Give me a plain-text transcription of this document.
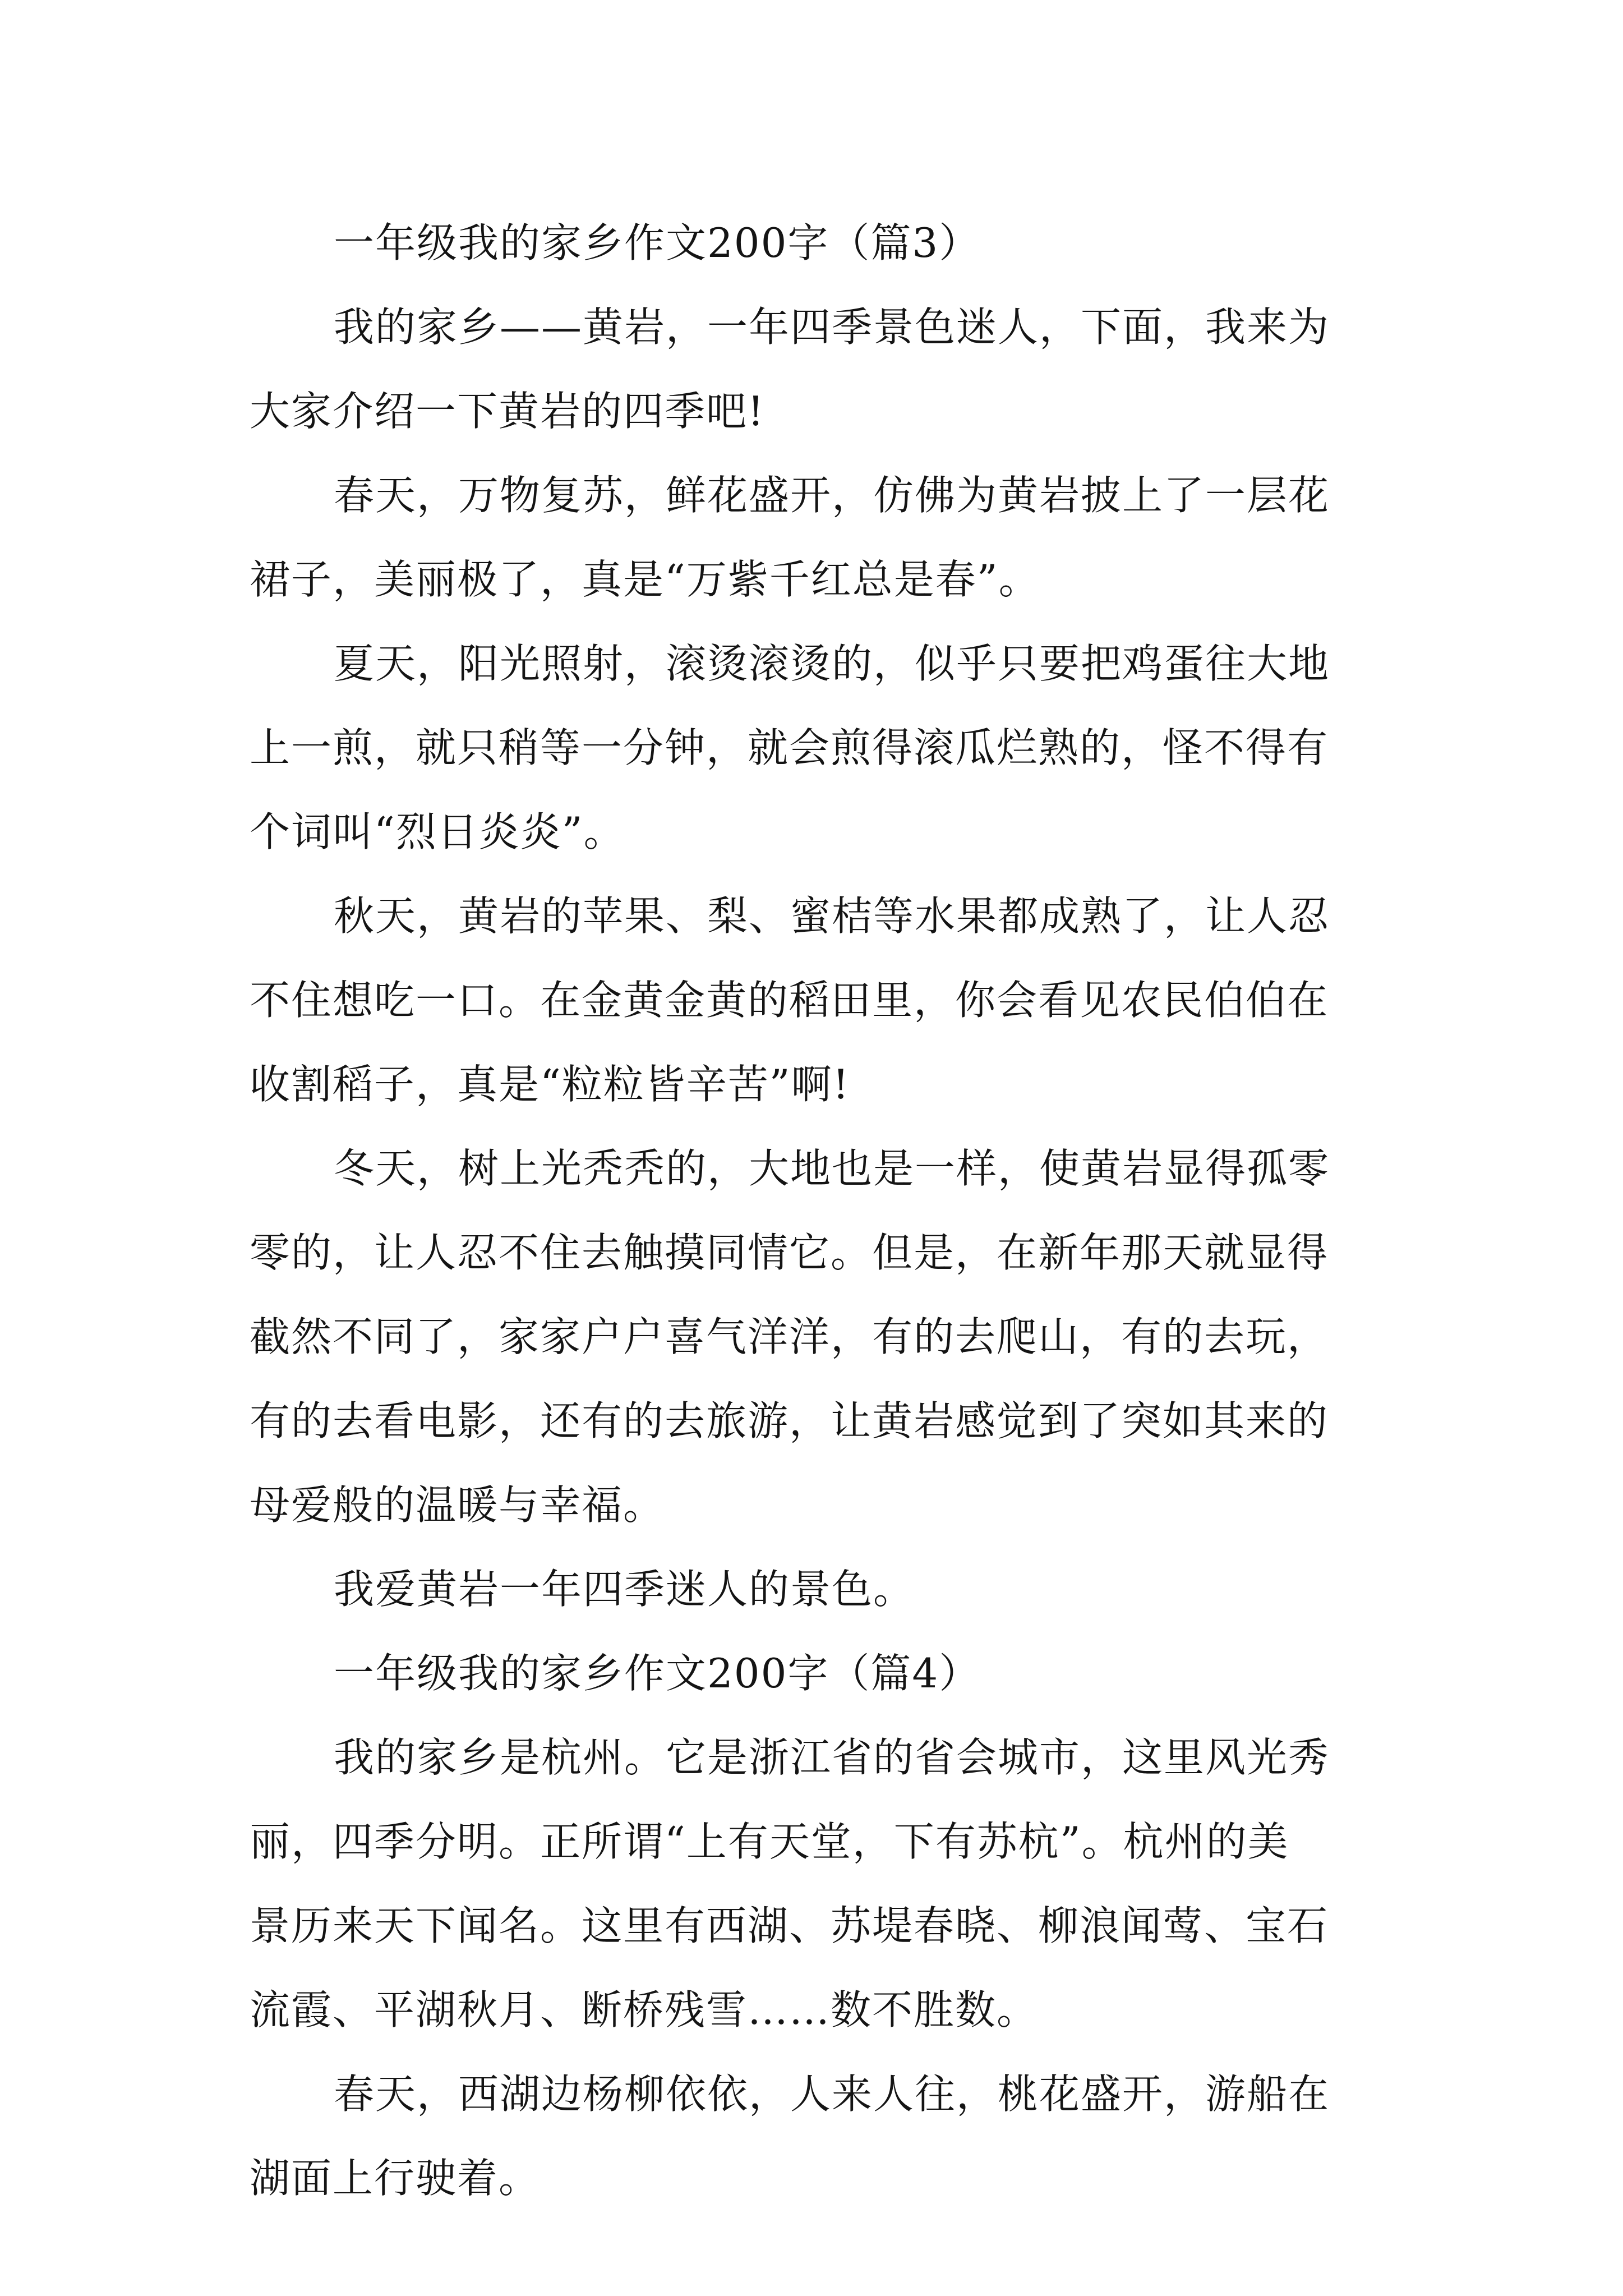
一年级我的家乡作文200字（篇3）
我的家乡——黄岩，一年四季景色迷人，下面，我来为
大家介绍一下黄岩的四季吧!
春天，万物复苏，鲜花盛开，仿佛为黄岩披上了一层花
裙子，美丽极了，真是“万紫千红总是春”。
夏天，阳光照射，滚烫滚烫的，似乎只要把鸡蛋往大地
上一煎，就只稍等一分钟，就会煎得滚瓜烂熟的，怪不得有
个词叫“烈日炎炎”。
秋天，黄岩的苹果、梨、蜜桔等水果都成熟了，让人忍
不住想吃一口。在金黄金黄的稻田里，你会看见农民伯伯在
收割稻子，真是“粒粒皆辛苦”啊!
冬天，树上光秃秃的，大地也是一样，使黄岩显得孤零
零的，让人忍不住去触摸同情它。但是，在新年那天就显得
截然不同了，家家户户喜气洋洋，有的去爬山，有的去玩，
有的去看电影，还有的去旅游，让黄岩感觉到了突如其来的
母爱般的温暖与幸福。
我爱黄岩一年四季迷人的景色。
一年级我的家乡作文200字（篇4）
我的家乡是杭州。它是浙江省的省会城市，这里风光秀
丽，四季分明。正所谓“上有天堂，下有苏杭”。杭州的美
景历来天下闻名。这里有西湖、苏堤春晓、柳浪闻莺、宝石
流霞、平湖秋月、断桥残雪……数不胜数。
春天，西湖边杨柳依依，人来人往，桃花盛开，游船在
湖面上行驶着。
